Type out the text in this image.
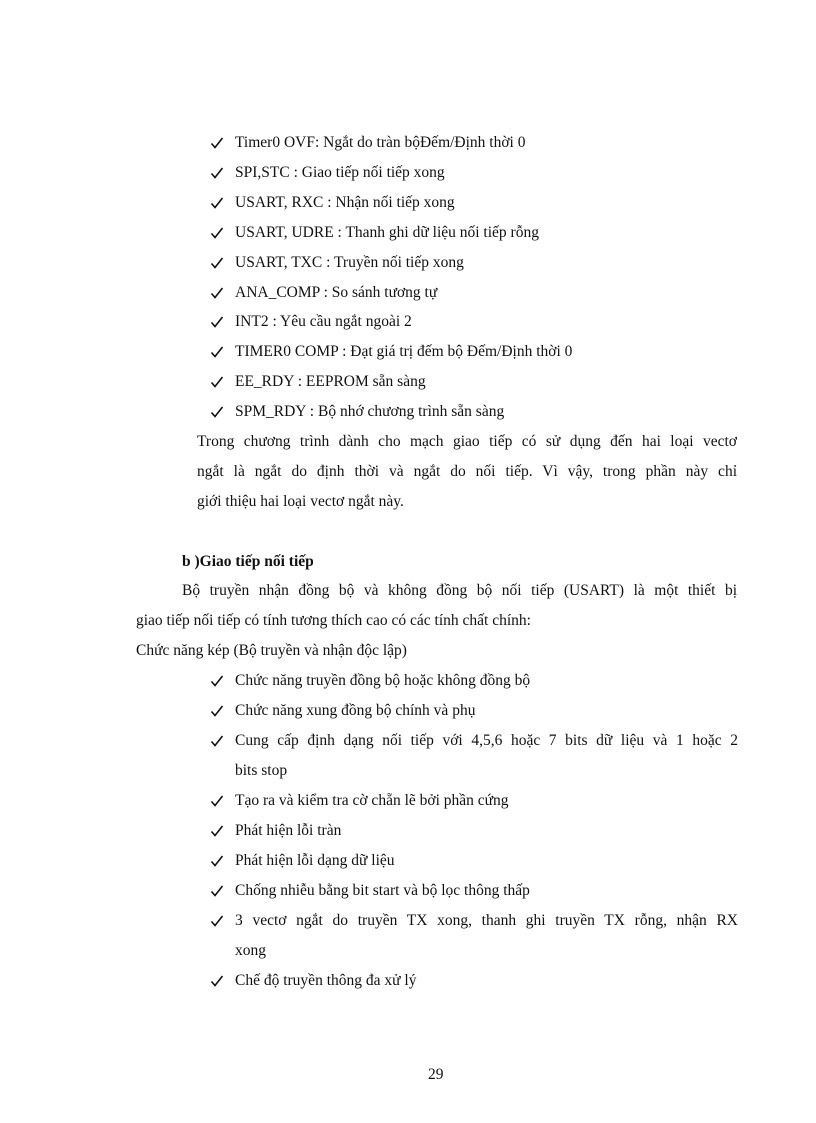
Timer0 OVF: Ngắt do tràn bộĐếm/Định thời 0
SPI,STC : Giao tiếp nối tiếp xong
USART, RXC : Nhận nối tiếp xong
USART, UDRE : Thanh ghi dữ liệu nối tiếp rỗng
USART, TXC : Truyền nối tiếp xong
ANA_COMP : So sánh tương tự
INT2 : Yêu cầu ngắt ngoài 2
TIMER0 COMP : Đạt giá trị đếm bộ Đếm/Định thời 0
EE_RDY : EEPROM sẵn sàng
SPM_RDY : Bộ nhớ chương trình sẵn sàng
Trong chương trình dành cho mạch giao tiếp có sử dụng đến hai loại vectơ
ngắt là ngắt do định thời và ngắt do nối tiếp. Vì vậy, trong phần này chỉ
giới thiệu hai loại vectơ ngắt này.
b )Giao tiếp nối tiếp
Bộ truyền nhận đồng bộ và không đồng bộ nối tiếp (USART) là một thiết bị
giao tiếp nối tiếp có tính tương thích cao có các tính chất chính:
Chức năng kép (Bộ truyền và nhận độc lập)
Chức năng truyền đồng bộ hoặc không đồng bộ
Chức năng xung đồng bộ chính và phụ
Cung cấp định dạng nối tiếp với 4,5,6 hoặc 7 bits dữ liệu và 1 hoặc 2
bits stop
Tạo ra và kiểm tra cờ chẵn lẽ bởi phần cứng
Phát hiện lỗi tràn
Phát hiện lỗi dạng dữ liệu
Chống nhiễu bằng bit start và bộ lọc thông thấp
3 vectơ ngắt do truyền TX xong, thanh ghi truyền TX rỗng, nhận RX
xong
Chế độ truyền thông đa xử lý
29
